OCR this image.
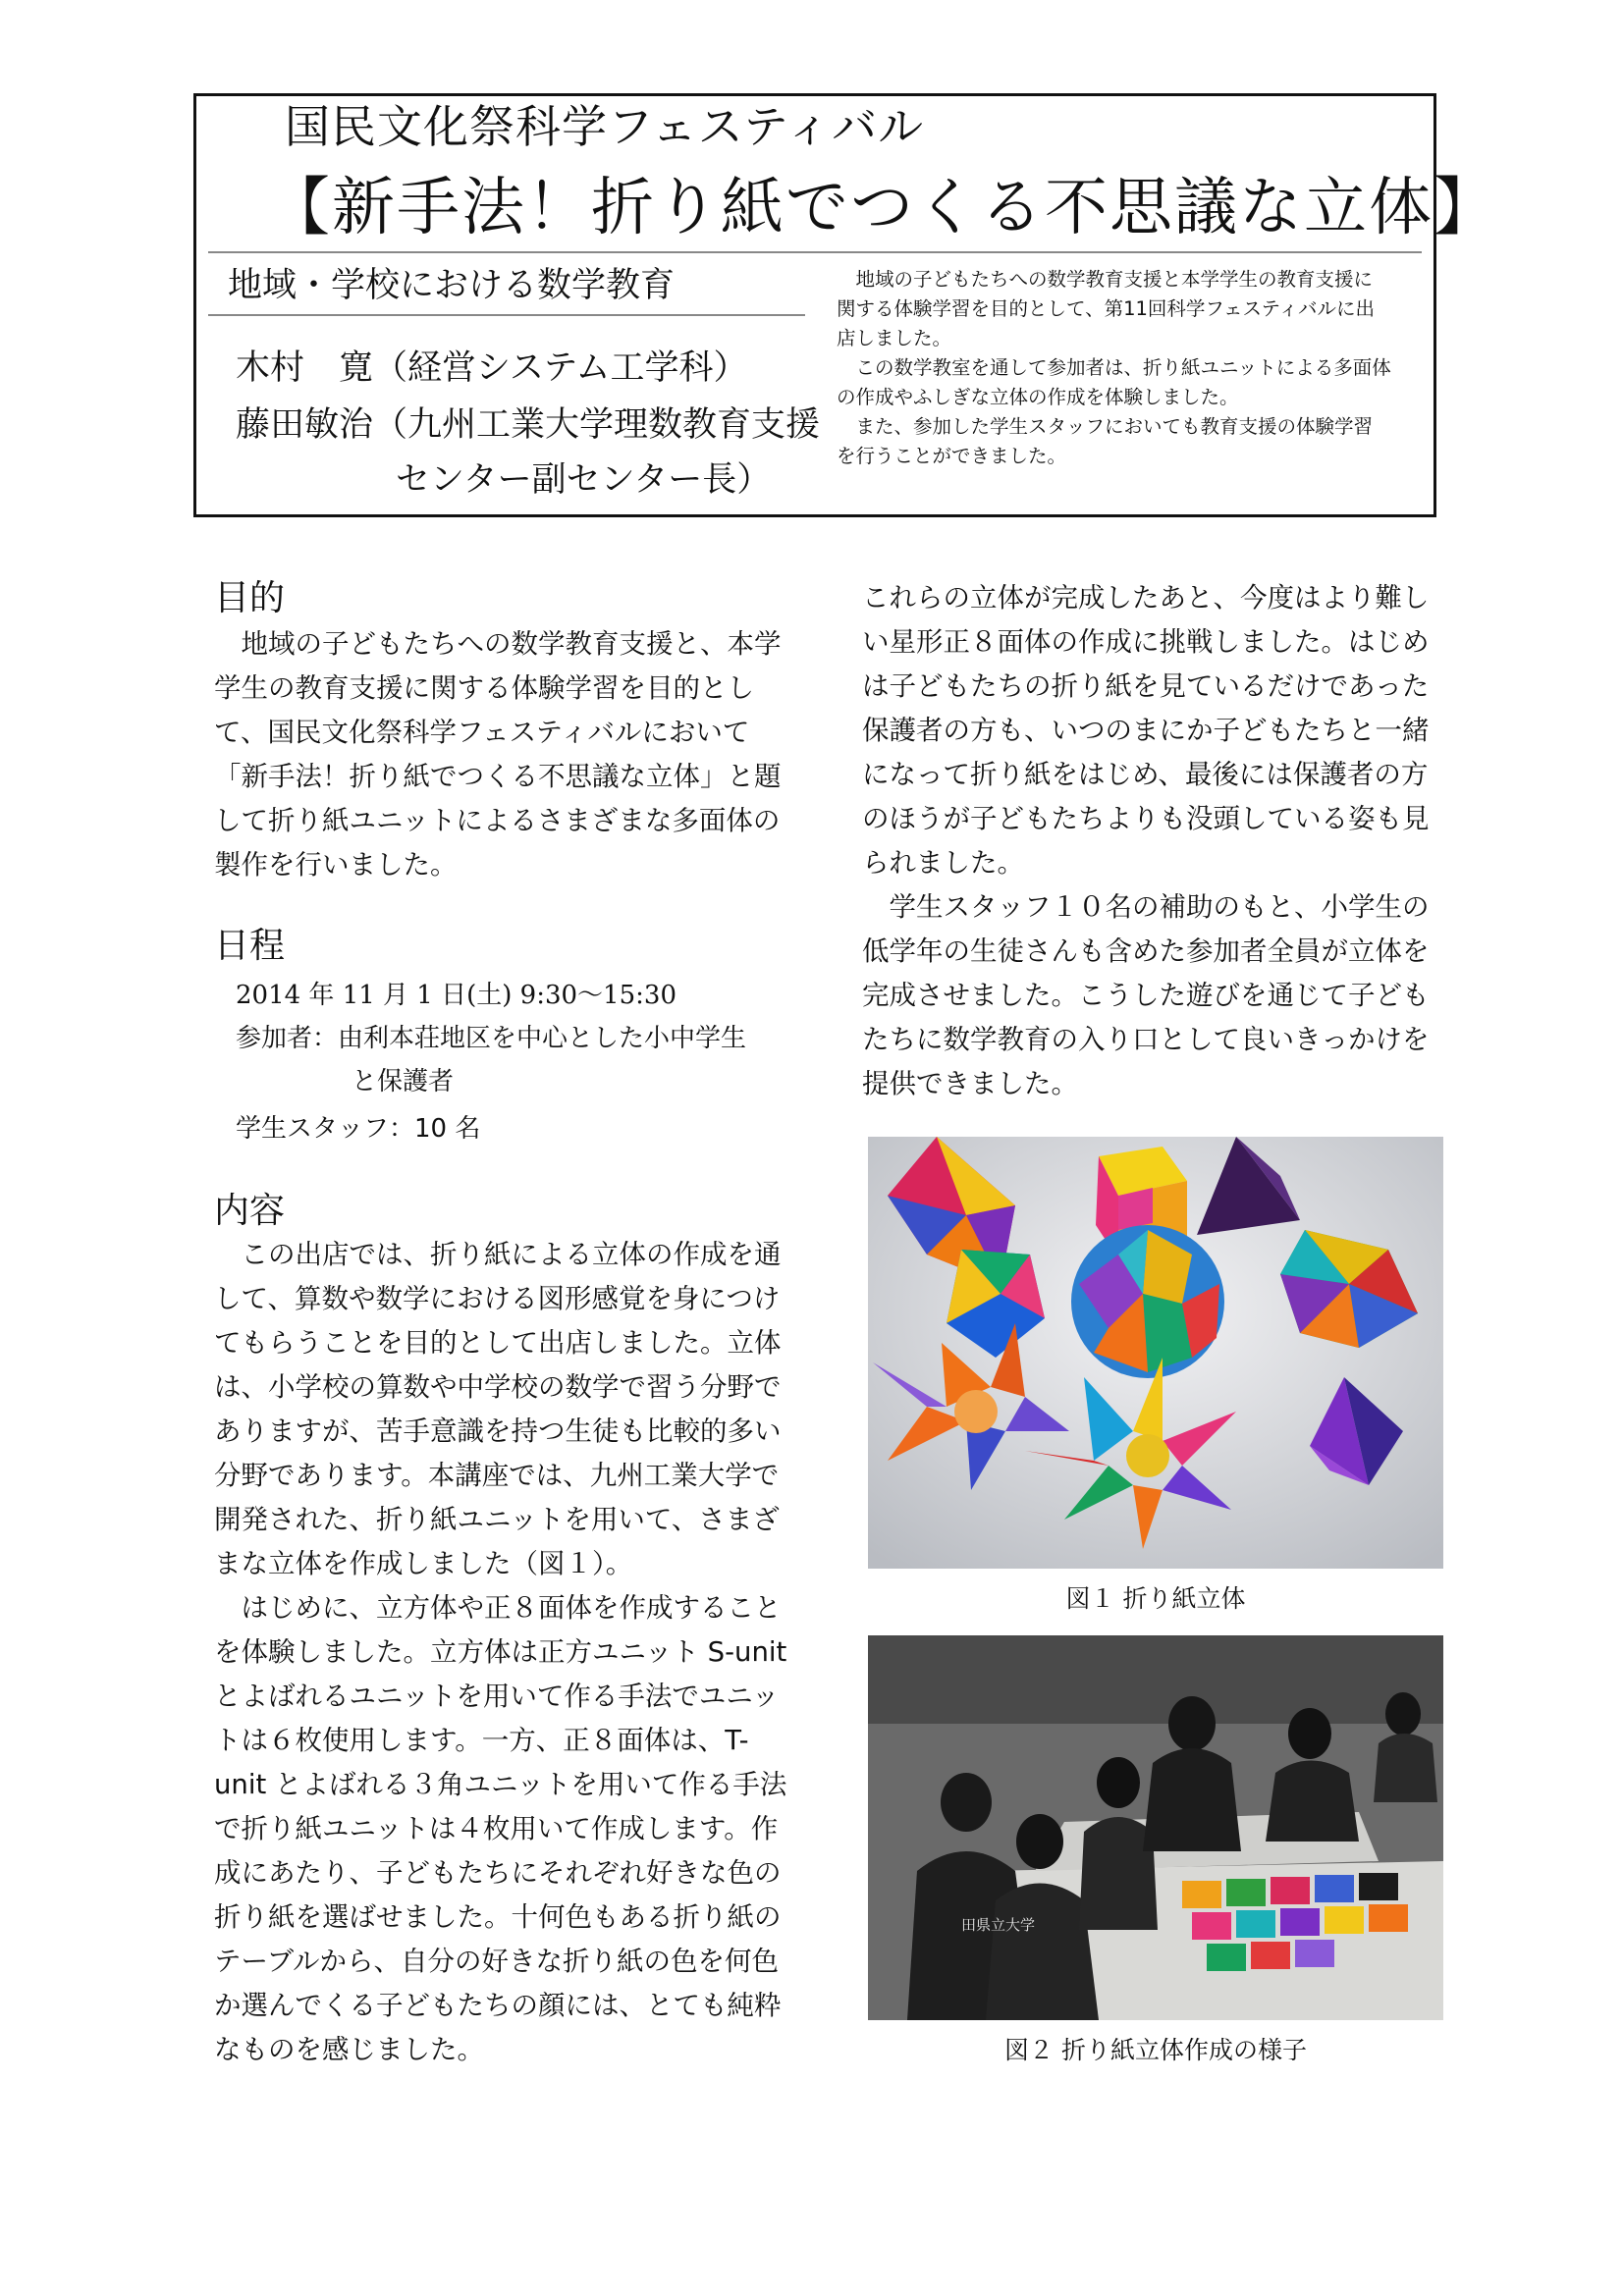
国民文化祭科学フェスティバル
【新手法！折り紙でつくる不思議な立体】
地域・学校における数学教育
木村　寛（経営システム工学科）
藤田敏治（九州工業大学理数教育支援
センター副センター長）

地域の子どもたちへの数学教育支援と本学学生の教育支援に関する体験学習を目的として、第11回科学フェスティバルに出店しました。

この数学教室を通して参加者は、折り紙ユニットによる多面体の作成やふしぎな立体の作成を体験しました。

また、参加した学生スタッフにおいても教育支援の体験学習を行うことができました。

目的

地域の子どもたちへの数学教育支援と、本学学生の教育支援に関する体験学習を目的として、国民文化祭科学フェスティバルにおいて「新手法！折り紙でつくる不思議な立体」と題して折り紙ユニットによるさまざまな多面体の製作を行いました。

日程
2014 年 11 月 1 日(土) 9:30～15:30
参加者：由利本荘地区を中心とした小中学生
と保護者
学生スタッフ：10 名
内容

この出店では、折り紙による立体の作成を通して、算数や数学における図形感覚を身につけてもらうことを目的として出店しました。立体は、小学校の算数や中学校の数学で習う分野でありますが、苦手意識を持つ生徒も比較的多い分野であります。本講座では、九州工業大学で開発された、折り紙ユニットを用いて、さまざまな立体を作成しました（図１）。

はじめに、立方体や正８面体を作成することを体験しました。立方体は正方ユニット S-unit とよばれるユニットを用いて作る手法でユニットは６枚使用します。一方、正８面体は、T-unit とよばれる３角ユニットを用いて作る手法で折り紙ユニットは４枚用いて作成します。作成にあたり、子どもたちにそれぞれ好きな色の折り紙を選ばせました。十何色もある折り紙のテーブルから、自分の好きな折り紙の色を何色か選んでくる子どもたちの顔には、とても純粋なものを感じました。

これらの立体が完成したあと、今度はより難しい星形正８面体の作成に挑戦しました。はじめは子どもたちの折り紙を見ているだけであった保護者の方も、いつのまにか子どもたちと一緒になって折り紙をはじめ、最後には保護者の方のほうが子どもたちよりも没頭している姿も見られました。

学生スタッフ１０名の補助のもと、小学生の低学年の生徒さんも含めた参加者全員が立体を完成させました。こうした遊びを通じて子どもたちに数学教育の入り口として良いきっかけを提供できました。

図１ 折り紙立体
田県立大学
図２ 折り紙立体作成の様子
